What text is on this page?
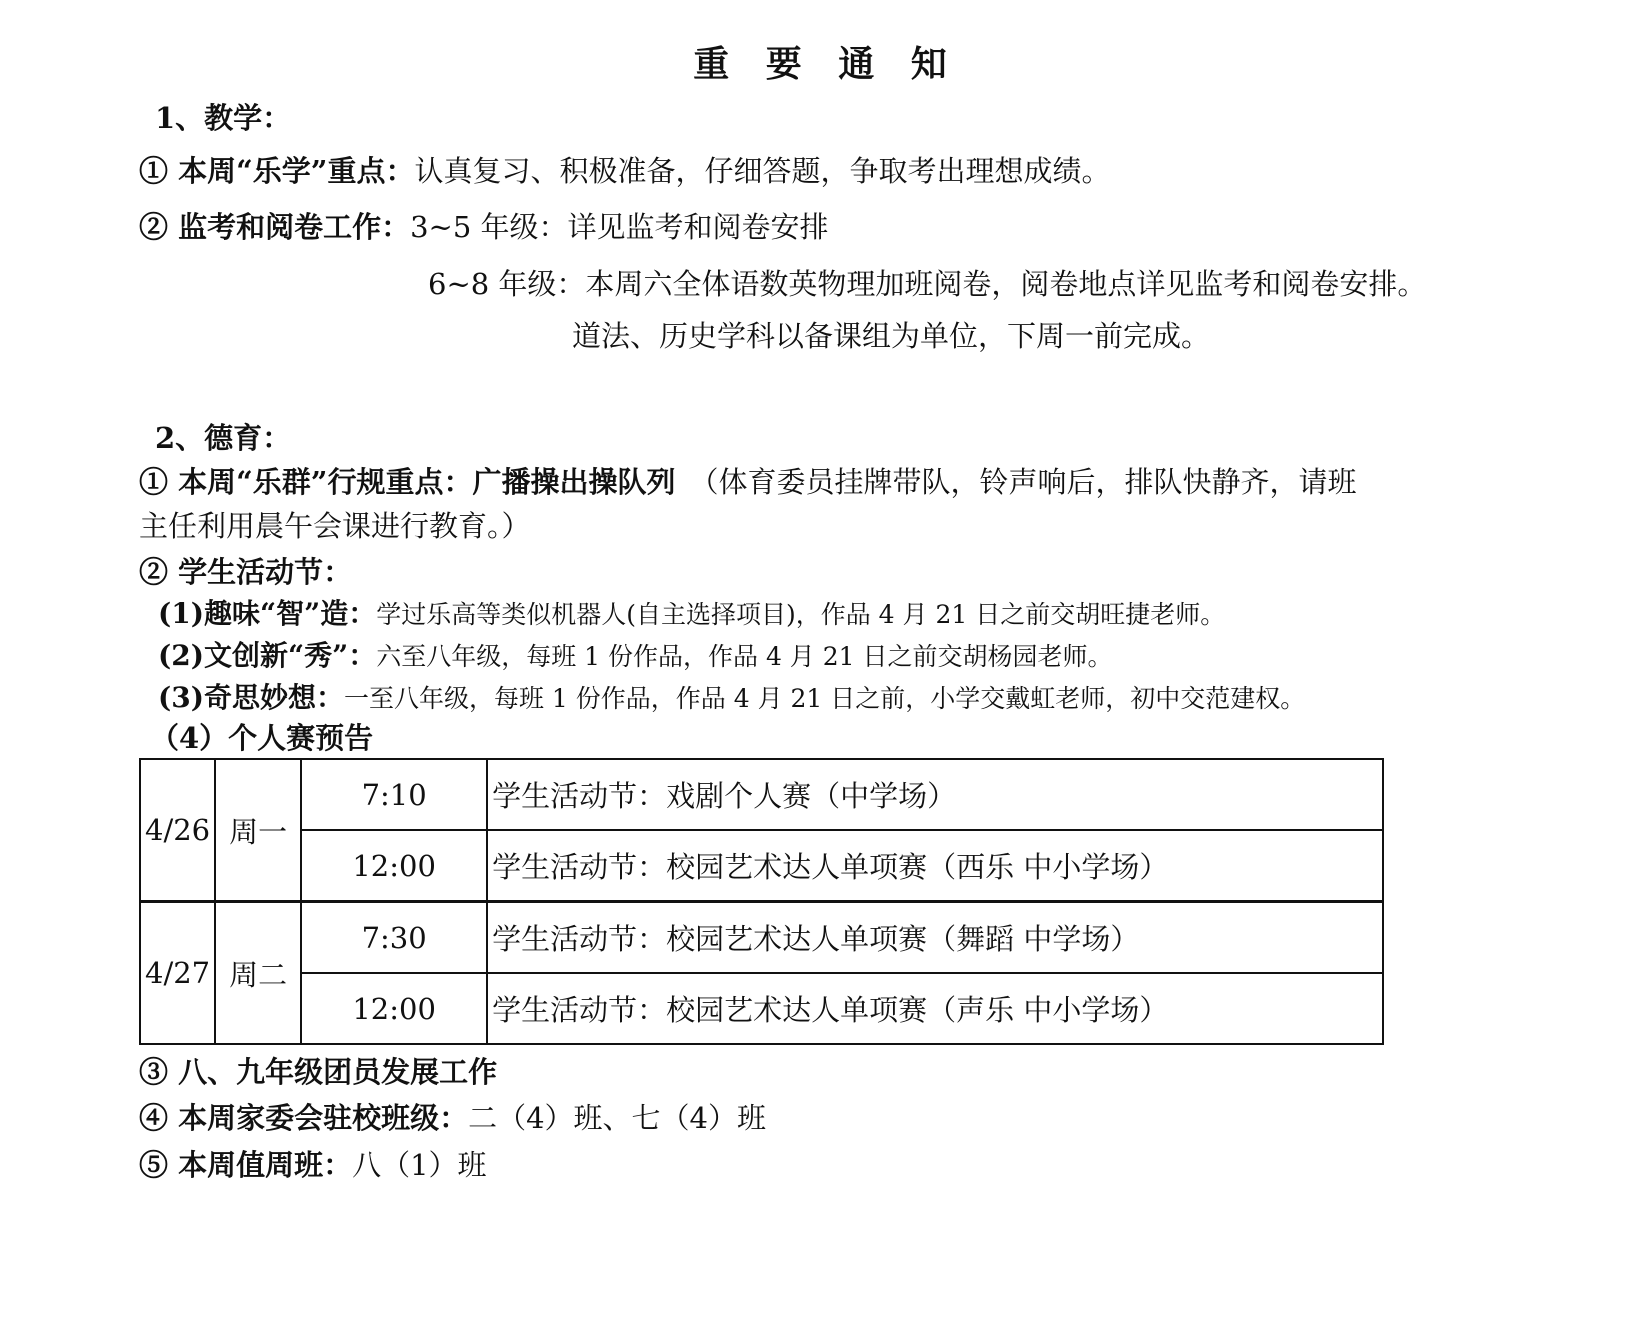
重 要 通 知
1、教学：
① 本周“乐学”重点：认真复习、积极准备，仔细答题，争取考出理想成绩。
② 监考和阅卷工作：3~5 年级：详见监考和阅卷安排
6~8 年级：本周六全体语数英物理加班阅卷，阅卷地点详见监考和阅卷安排。
道法、历史学科以备课组为单位，下周一前完成。
2、德育：
① 本周“乐群”行规重点：广播操出操队列 （体育委员挂牌带队，铃声响后，排队快静齐，请班
主任利用晨午会课进行教育。）
② 学生活动节：
(1)趣味“智”造：学过乐高等类似机器人(自主选择项目)，作品 4 月 21 日之前交胡旺捷老师。
(2)文创新“秀”：六至八年级，每班 1 份作品，作品 4 月 21 日之前交胡杨园老师。
(3)奇思妙想：一至八年级，每班 1 份作品，作品 4 月 21 日之前，小学交戴虹老师，初中交范建权。
（4）个人赛预告
4/26	周一	7:10	学生活动节：戏剧个人赛（中学场）
		12:00	学生活动节：校园艺术达人单项赛（西乐 中小学场）
4/27	周二	7:30	学生活动节：校园艺术达人单项赛（舞蹈 中学场）
		12:00	学生活动节：校园艺术达人单项赛（声乐 中小学场）
③ 八、九年级团员发展工作
④ 本周家委会驻校班级：二（4）班、七（4）班
⑤ 本周值周班：八（1）班
